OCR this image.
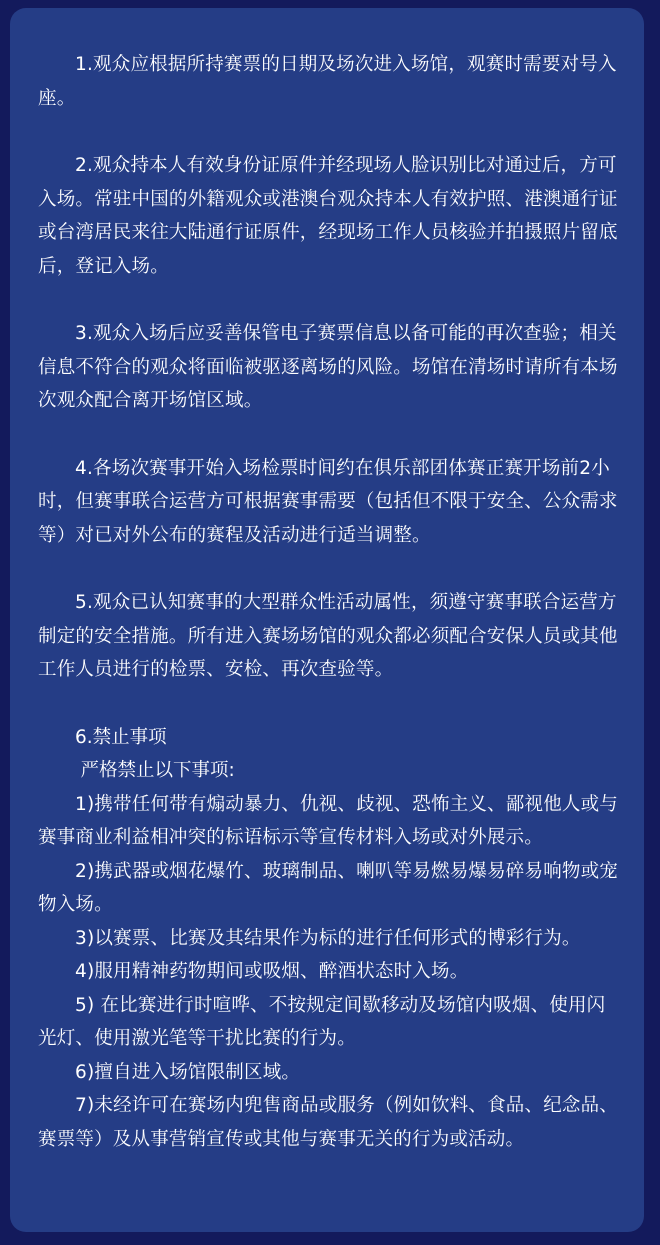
1.观众应根据所持赛票的日期及场次进入场馆，观赛时需要对号入座。

2.观众持本人有效身份证原件并经现场人脸识别比对通过后，方可入场。常驻中国的外籍观众或港澳台观众持本人有效护照、港澳通行证或台湾居民来往大陆通行证原件，经现场工作人员核验并拍摄照片留底后，登记入场。

3.观众入场后应妥善保管电子赛票信息以备可能的再次查验；相关信息不符合的观众将面临被驱逐离场的风险。场馆在清场时请所有本场次观众配合离开场馆区域。

4.各场次赛事开始入场检票时间约在俱乐部团体赛正赛开场前2小时，但赛事联合运营方可根据赛事需要（包括但不限于安全、公众需求等）对已对外公布的赛程及活动进行适当调整。

5.观众已认知赛事的大型群众性活动属性，须遵守赛事联合运营方制定的安全措施。所有进入赛场场馆的观众都必须配合安保人员或其他工作人员进行的检票、安检、再次查验等。

6.禁止事项

严格禁止以下事项:

1)携带任何带有煽动暴力、仇视、歧视、恐怖主义、鄙视他人或与赛事商业利益相冲突的标语标示等宣传材料入场或对外展示。

2)携武器或烟花爆竹、玻璃制品、喇叭等易燃易爆易碎易响物或宠物入场。

3)以赛票、比赛及其结果作为标的进行任何形式的博彩行为。

4)服用精神药物期间或吸烟、醉酒状态时入场。

5) 在比赛进行时喧哗、不按规定间歇移动及场馆内吸烟、使用闪光灯、使用激光笔等干扰比赛的行为。

6)擅自进入场馆限制区域。

7)未经许可在赛场内兜售商品或服务（例如饮料、食品、纪念品、赛票等）及从事营销宣传或其他与赛事无关的行为或活动。
